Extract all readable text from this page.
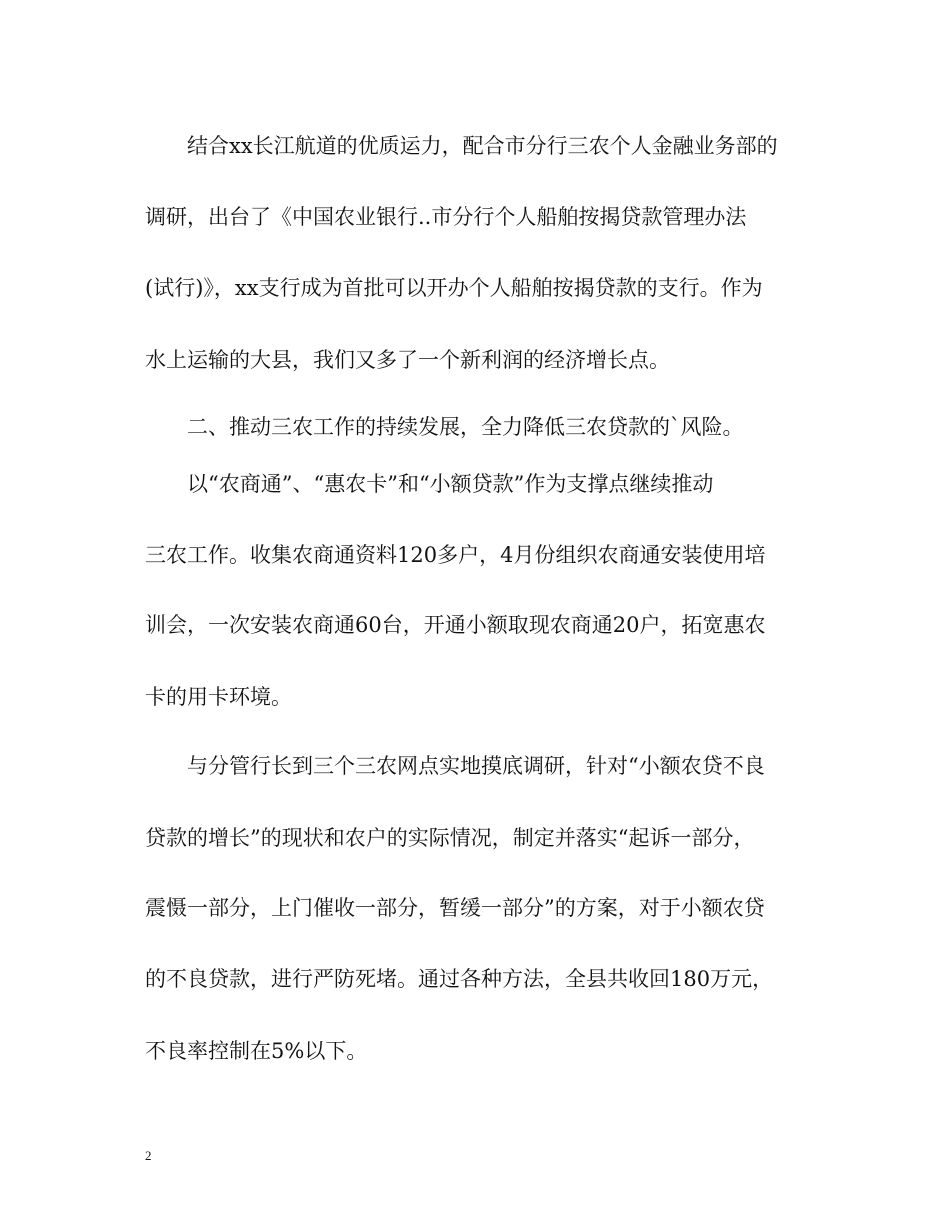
结合xx长江航道的优质运力，配合市分行三农个人金融业务部的
调研，出台了《中国农业银行..市分行个人船舶按揭贷款管理办法
(试行)》，xx支行成为首批可以开办个人船舶按揭贷款的支行。作为
水上运输的大县，我们又多了一个新利润的经济增长点。
二、推动三农工作的持续发展，全力降低三农贷款的`风险。
以“农商通”、“惠农卡”和“小额贷款”作为支撑点继续推动
三农工作。收集农商通资料120多户，4月份组织农商通安装使用培
训会，一次安装农商通60台，开通小额取现农商通20户，拓宽惠农
卡的用卡环境。
与分管行长到三个三农网点实地摸底调研，针对“小额农贷不良
贷款的增长”的现状和农户的实际情况，制定并落实“起诉一部分，
震慑一部分，上门催收一部分，暂缓一部分”的方案，对于小额农贷
的不良贷款，进行严防死堵。通过各种方法，全县共收回180万元，
不良率控制在5%以下。
2
